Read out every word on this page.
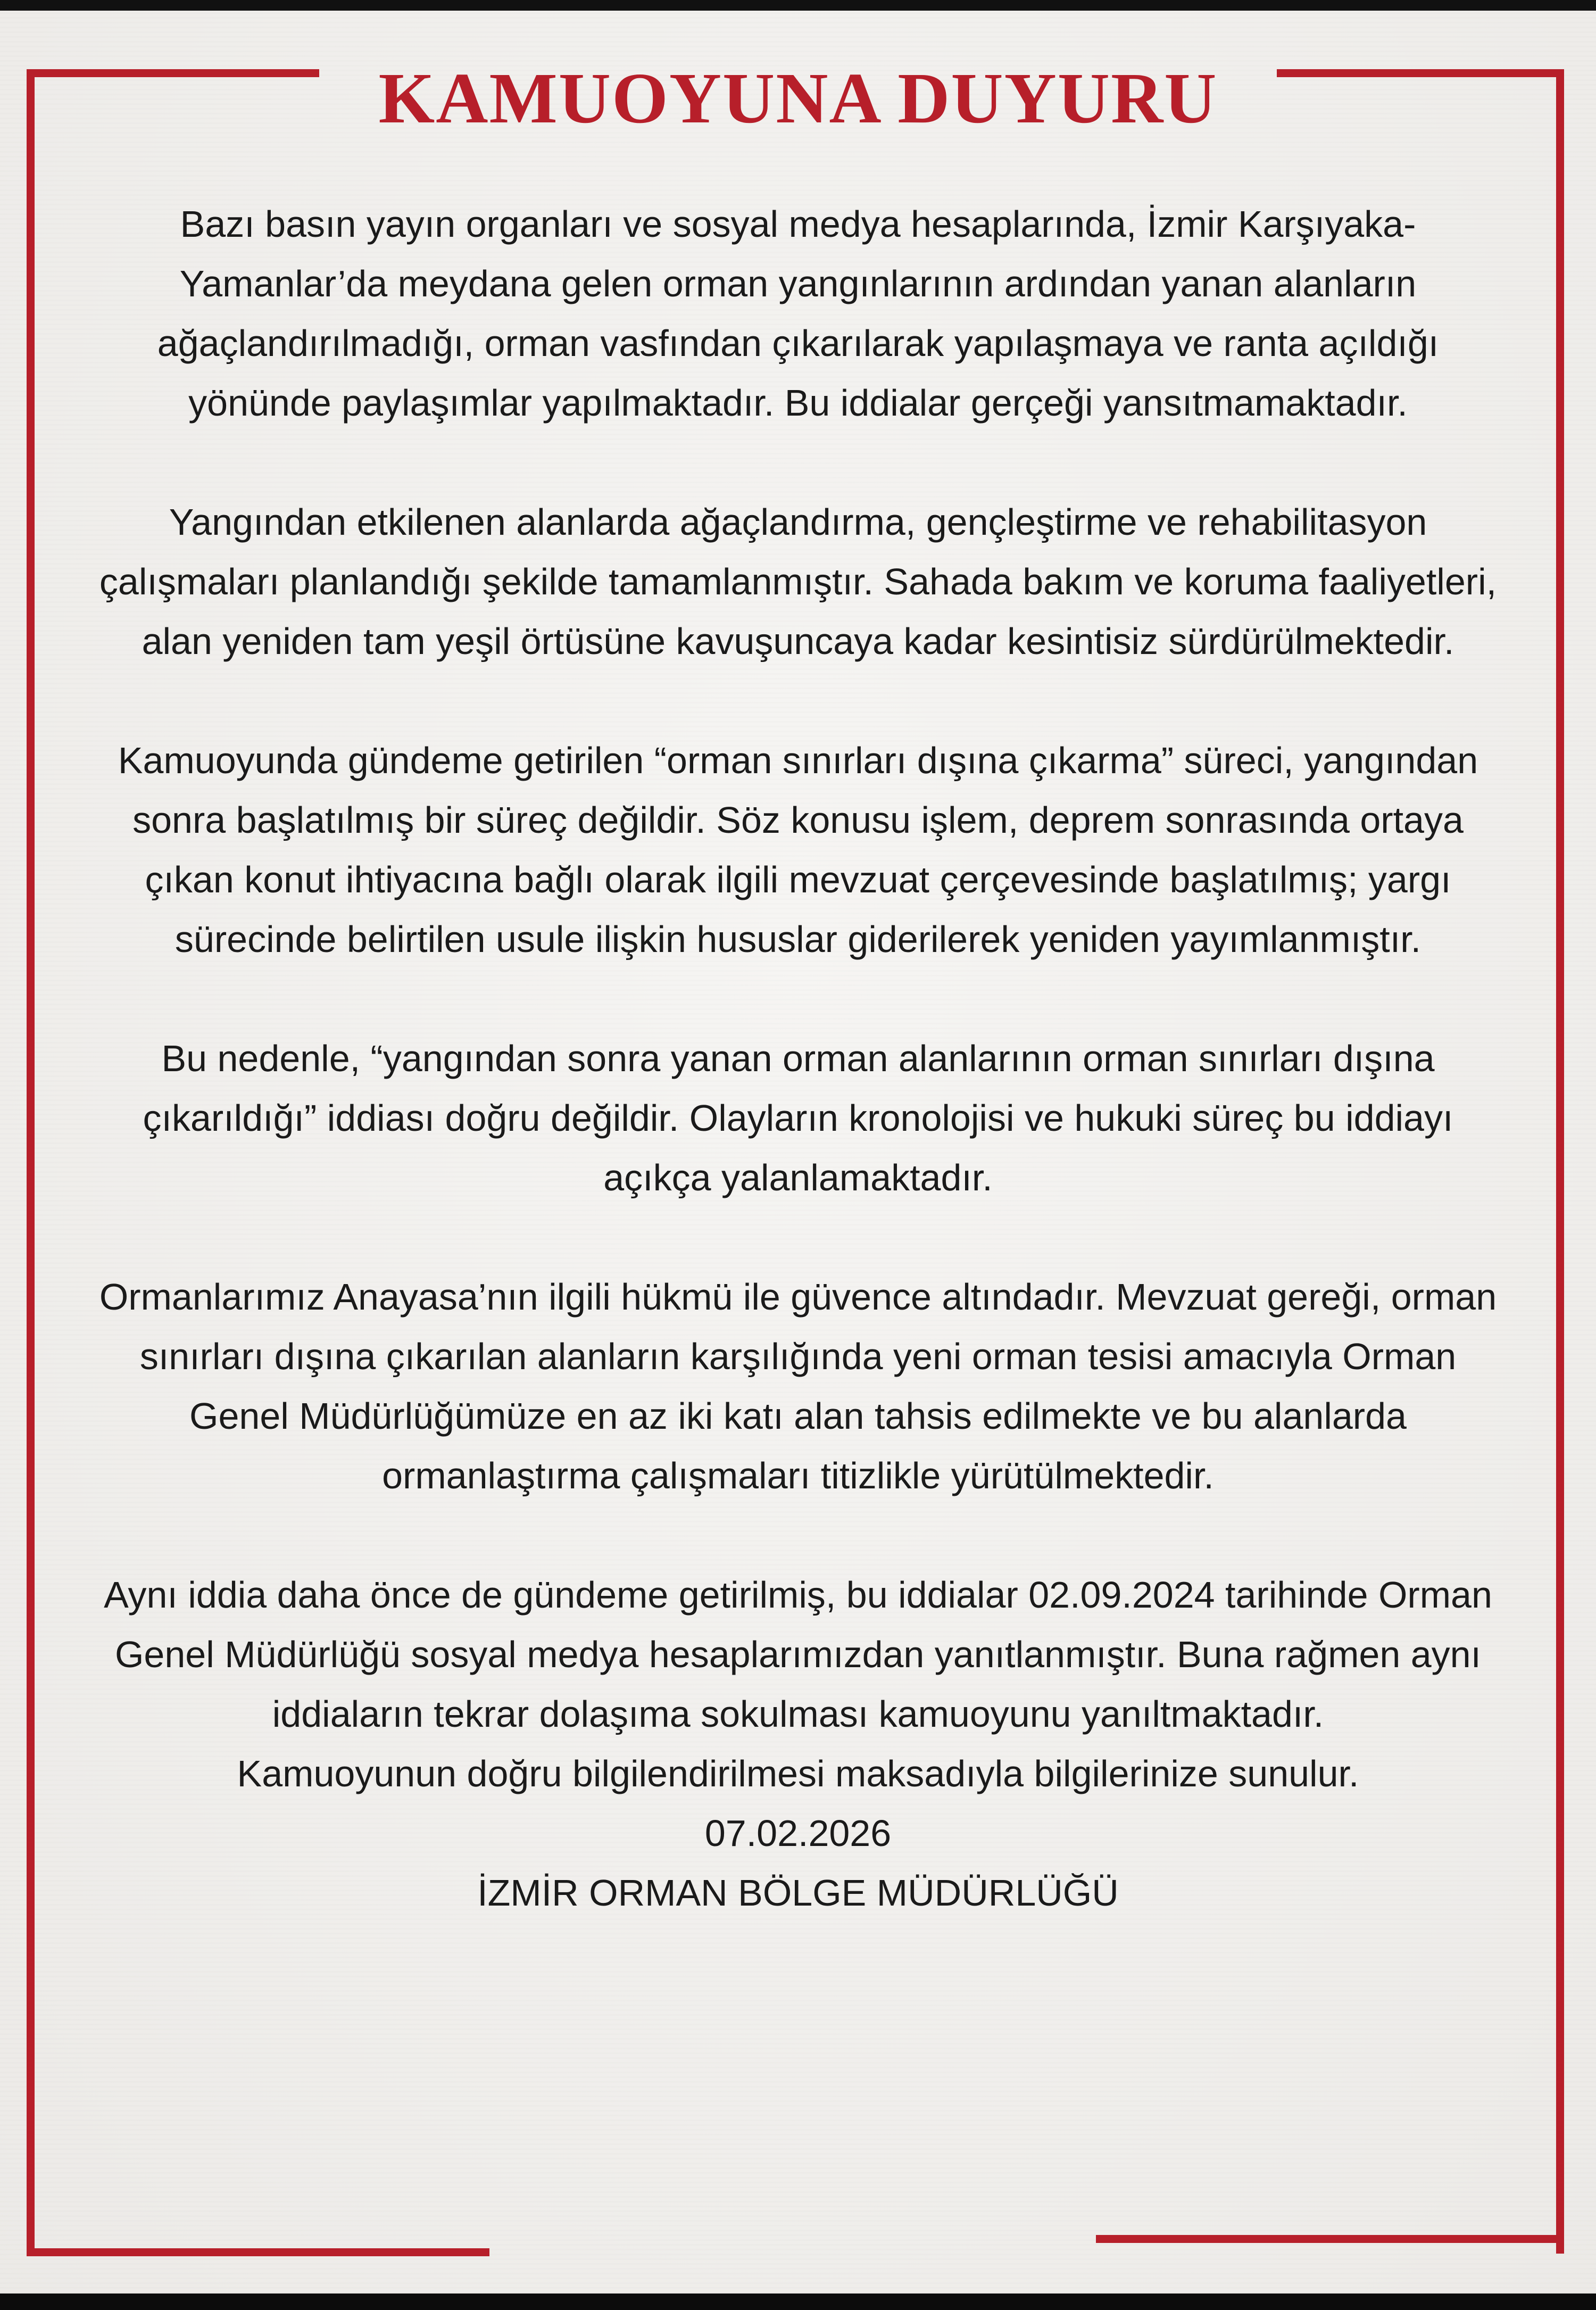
KAMUOYUNA DUYURU

Bazı basın yayın organları ve sosyal medya hesaplarında, İzmir Karşıyaka-Yamanlar’da meydana gelen orman yangınlarının ardından yanan alanların ağaçlandırılmadığı, orman vasfından çıkarılarak yapılaşmaya ve ranta açıldığı yönünde paylaşımlar yapılmaktadır. Bu iddialar gerçeği yansıtmamaktadır.

Yangından etkilenen alanlarda ağaçlandırma, gençleştirme ve rehabilitasyon çalışmaları planlandığı şekilde tamamlanmıştır. Sahada bakım ve koruma faaliyetleri, alan yeniden tam yeşil örtüsüne kavuşuncaya kadar kesintisiz sürdürülmektedir.

Kamuoyunda gündeme getirilen “orman sınırları dışına çıkarma” süreci, yangından sonra başlatılmış bir süreç değildir. Söz konusu işlem, deprem sonrasında ortaya çıkan konut ihtiyacına bağlı olarak ilgili mevzuat çerçevesinde başlatılmış; yargı sürecinde belirtilen usule ilişkin hususlar giderilerek yeniden yayımlanmıştır.

Bu nedenle, “yangından sonra yanan orman alanlarının orman sınırları dışına çıkarıldığı” iddiası doğru değildir. Olayların kronolojisi ve hukuki süreç bu iddiayı açıkça yalanlamaktadır.

Ormanlarımız Anayasa’nın ilgili hükmü ile güvence altındadır. Mevzuat gereği, orman sınırları dışına çıkarılan alanların karşılığında yeni orman tesisi amacıyla Orman Genel Müdürlüğümüze en az iki katı alan tahsis edilmekte ve bu alanlarda ormanlaştırma çalışmaları titizlikle yürütülmektedir.

Aynı iddia daha önce de gündeme getirilmiş, bu iddialar 02.09.2024 tarihinde Orman Genel Müdürlüğü sosyal medya hesaplarımızdan yanıtlanmıştır. Buna rağmen aynı iddiaların tekrar dolaşıma sokulması kamuoyunu yanıltmaktadır.

Kamuoyunun doğru bilgilendirilmesi maksadıyla bilgilerinize sunulur.

07.02.2026

İZMİR ORMAN BÖLGE MÜDÜRLÜĞÜ
